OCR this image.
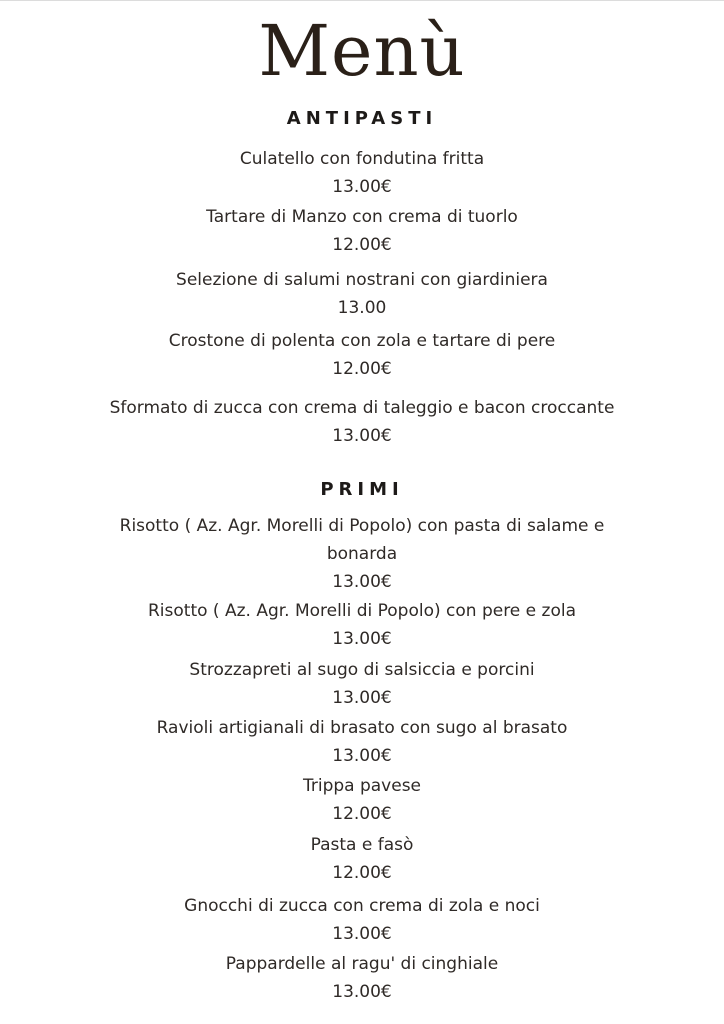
Menù
ANTIPASTI
Culatello con fondutina fritta
13.00€
Tartare di Manzo con crema di tuorlo
12.00€
Selezione di salumi nostrani con giardiniera
13.00
Crostone di polenta con zola e tartare di pere
12.00€
Sformato di zucca con crema di taleggio e bacon croccante
13.00€
PRIMI
Risotto ( Az. Agr. Morelli di Popolo) con pasta di salame e
bonarda
13.00€
Risotto ( Az. Agr. Morelli di Popolo) con pere e zola
13.00€
Strozzapreti al sugo di salsiccia e porcini
13.00€
Ravioli artigianali di brasato con sugo al brasato
13.00€
Trippa pavese
12.00€
Pasta e fasò
12.00€
Gnocchi di zucca con crema di zola e noci
13.00€
Pappardelle al ragu' di cinghiale
13.00€
